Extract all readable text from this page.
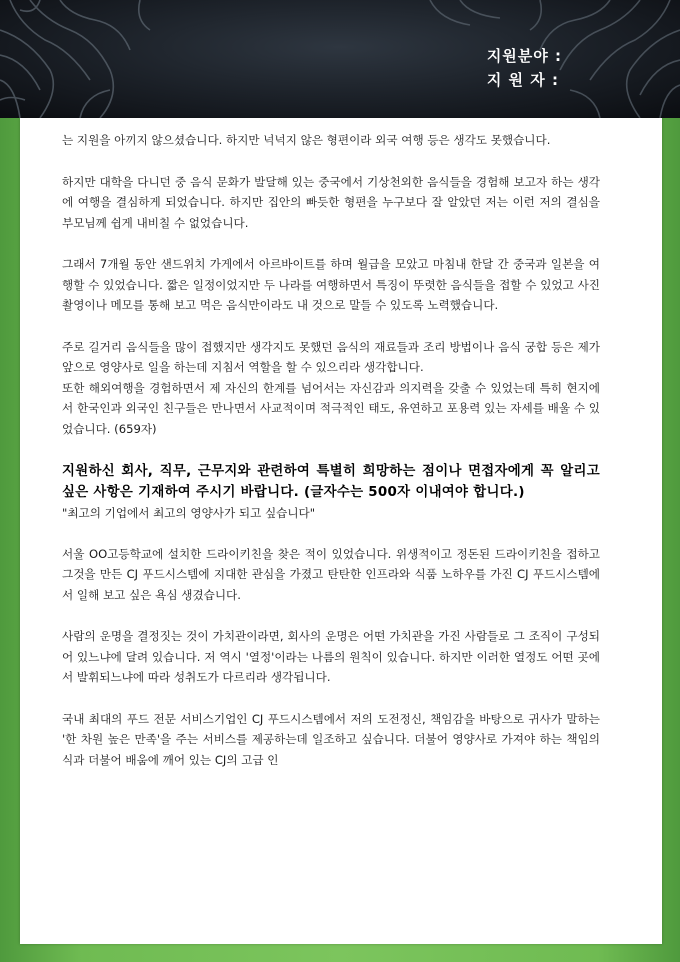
지원분야 :
지 원 자 :

는 지원을 아끼지 않으셨습니다. 하지만 넉넉지 않은 형편이라 외국 여행 등은 생각도 못했습니다.

하지만 대학을 다니던 중 음식 문화가 발달해 있는 중국에서 기상천외한 음식들을 경험해 보고자 하는 생각에 여행을 결심하게 되었습니다. 하지만 집안의 빠듯한 형편을 누구보다 잘 알았던 저는 이런 저의 결심을 부모님께 쉽게 내비칠 수 없었습니다.

그래서 7개월 동안 샌드위치 가게에서 아르바이트를 하며 월급을 모았고 마침내 한달 간 중국과 일본을 여행할 수 있었습니다. 짧은 일정이었지만 두 나라를 여행하면서 특징이 뚜렷한 음식들을 접할 수 있었고 사진촬영이나 메모를 통해 보고 먹은 음식만이라도 내 것으로 말들 수 있도록 노력했습니다.

주로 길거리 음식들을 많이 접했지만 생각지도 못했던 음식의 재료들과 조리 방법이나 음식 궁합 등은 제가 앞으로 영양사로 일을 하는데 지침서 역할을 할 수 있으리라 생각합니다.

또한 해외여행을 경험하면서 제 자신의 한계를 넘어서는 자신감과 의지력을 갖출 수 있었는데 특히 현지에서 한국인과 외국인 친구들은 만나면서 사교적이며 적극적인 태도, 유연하고 포용력 있는 자세를 배울 수 있었습니다. (659자)

지원하신 회사, 직무, 근무지와 관련하여 특별히 희망하는 점이나 면접자에게 꼭 알리고 싶은 사항은 기재하여 주시기 바랍니다. (글자수는 500자 이내여야 합니다.)
"최고의 기업에서 최고의 영양사가 되고 싶습니다"

서울 OO고등학교에 설치한 드라이키친을 찾은 적이 있었습니다. 위생적이고 정돈된 드라이키친을 접하고 그것을 만든 CJ 푸드시스템에 지대한 관심을 가졌고 탄탄한 인프라와 식품 노하우를 가진 CJ 푸드시스템에서 일해 보고 싶은 욕심 생겼습니다.

사람의 운명을 결정짓는 것이 가치관이라면, 회사의 운명은 어떤 가치관을 가진 사람들로 그 조직이 구성되어 있느냐에 달려 있습니다. 저 역시 '열정'이라는 나름의 원칙이 있습니다. 하지만 이러한 열정도 어떤 곳에서 발휘되느냐에 따라 성취도가 다르리라 생각됩니다.

국내 최대의 푸드 전문 서비스기업인 CJ 푸드시스템에서 저의 도전정신, 책임감을 바탕으로 귀사가 말하는 '한 차원 높은 만족'을 주는 서비스를 제공하는데 일조하고 싶습니다. 더불어 영양사로 가져야 하는 책임의식과 더불어 배움에 깨어 있는 CJ의 고급 인
